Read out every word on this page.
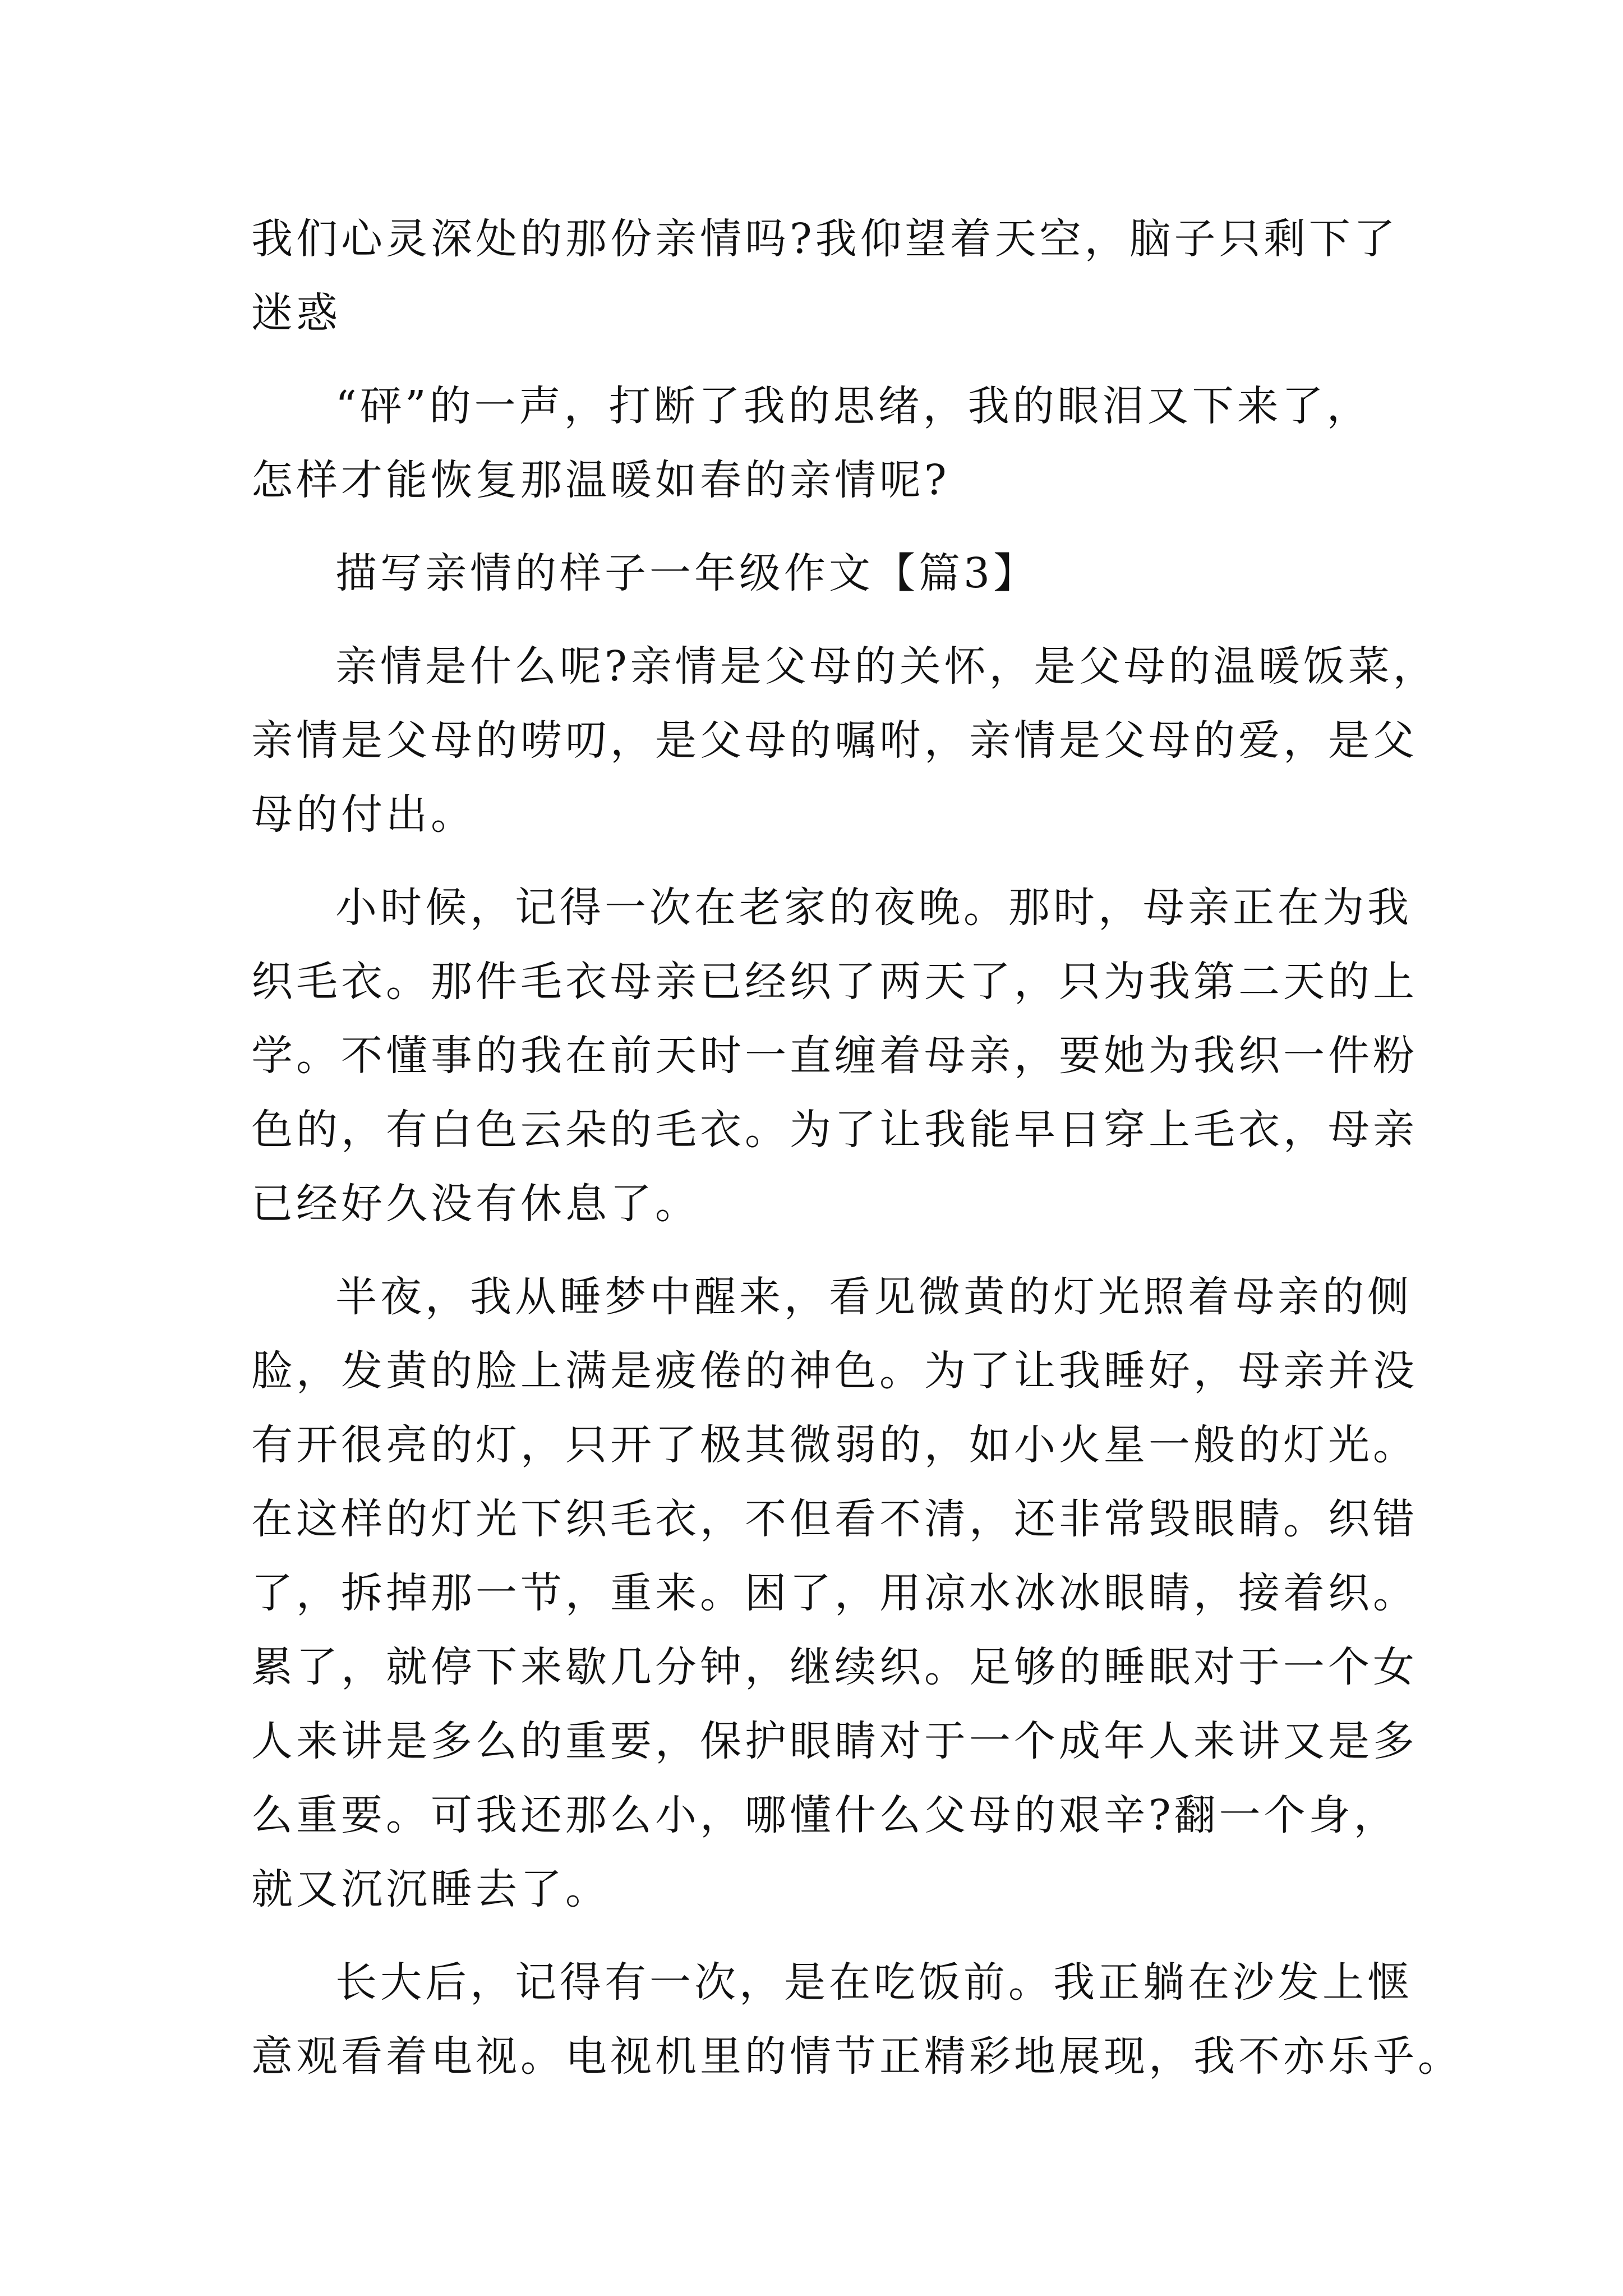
我们心灵深处的那份亲情吗?我仰望着天空，脑子只剩下了
迷惑
“砰”的一声，打断了我的思绪，我的眼泪又下来了，
怎样才能恢复那温暖如春的亲情呢?
描写亲情的样子一年级作文【篇3】
亲情是什么呢?亲情是父母的关怀，是父母的温暖饭菜，
亲情是父母的唠叨，是父母的嘱咐，亲情是父母的爱，是父
母的付出。
小时候，记得一次在老家的夜晚。那时，母亲正在为我
织毛衣。那件毛衣母亲已经织了两天了，只为我第二天的上
学。不懂事的我在前天时一直缠着母亲，要她为我织一件粉
色的，有白色云朵的毛衣。为了让我能早日穿上毛衣，母亲
已经好久没有休息了。
半夜，我从睡梦中醒来，看见微黄的灯光照着母亲的侧
脸，发黄的脸上满是疲倦的神色。为了让我睡好，母亲并没
有开很亮的灯，只开了极其微弱的，如小火星一般的灯光。
在这样的灯光下织毛衣，不但看不清，还非常毁眼睛。织错
了，拆掉那一节，重来。困了，用凉水冰冰眼睛，接着织。
累了，就停下来歇几分钟，继续织。足够的睡眠对于一个女
人来讲是多么的重要，保护眼睛对于一个成年人来讲又是多
么重要。可我还那么小，哪懂什么父母的艰辛?翻一个身，
就又沉沉睡去了。
长大后，记得有一次，是在吃饭前。我正躺在沙发上惬
意观看着电视。电视机里的情节正精彩地展现，我不亦乐乎。
